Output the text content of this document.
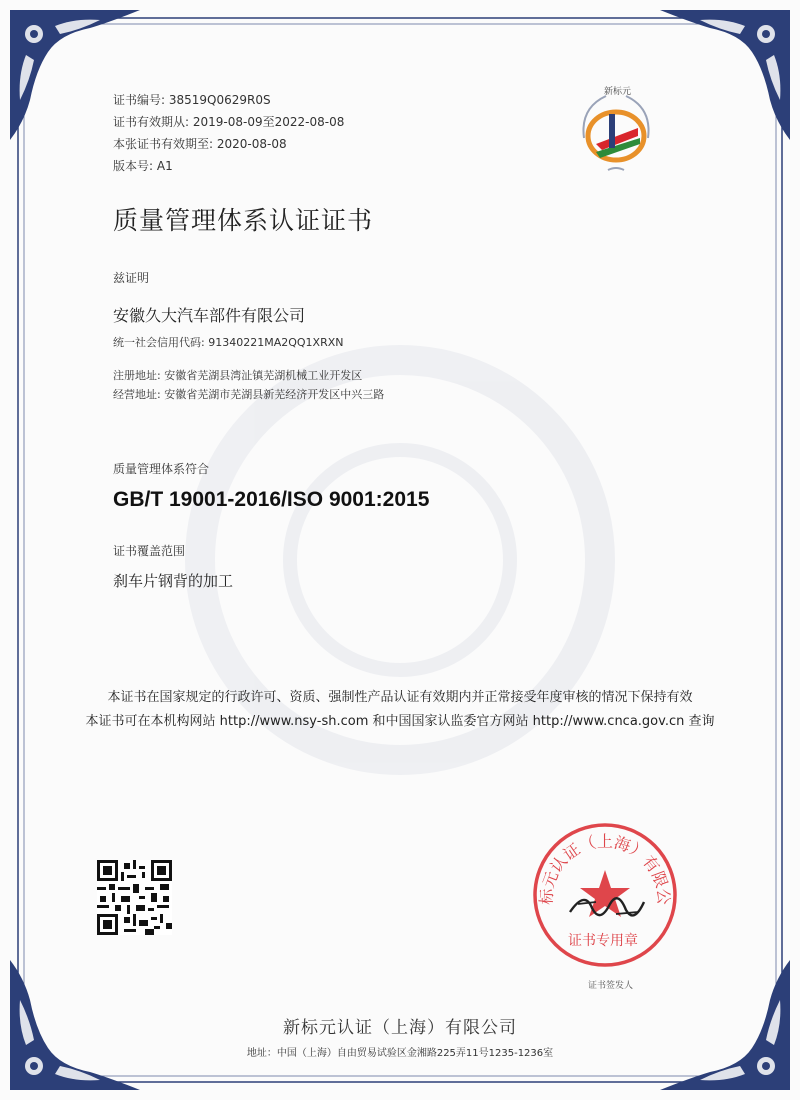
新标元
证书编号: 38519Q0629R0S
证书有效期从: 2019-08-09至2022-08-08
本张证书有效期至: 2020-08-08
版本号: A1
质量管理体系认证证书
兹证明
安徽久大汽车部件有限公司
统一社会信用代码: 91340221MA2QQ1XRXN
注册地址: 安徽省芜湖县湾沚镇芜湖机械工业开发区
经营地址: 安徽省芜湖市芜湖县新芜经济开发区中兴三路
质量管理体系符合
GB/T 19001-2016/ISO 9001:2015
证书覆盖范围
刹车片钢背的加工
本证书在国家规定的行政许可、资质、强制性产品认证有效期内并正常接受年度审核的情况下保持有效
本证书可在本机构网站 http://www.nsy-sh.com 和中国国家认监委官方网站 http://www.cnca.gov.cn 查询
标元认证（上海）有限公
证书专用章
证书签发人
新标元认证（上海）有限公司
地址：中国（上海）自由贸易试验区金湘路225弄11号1235-1236室
